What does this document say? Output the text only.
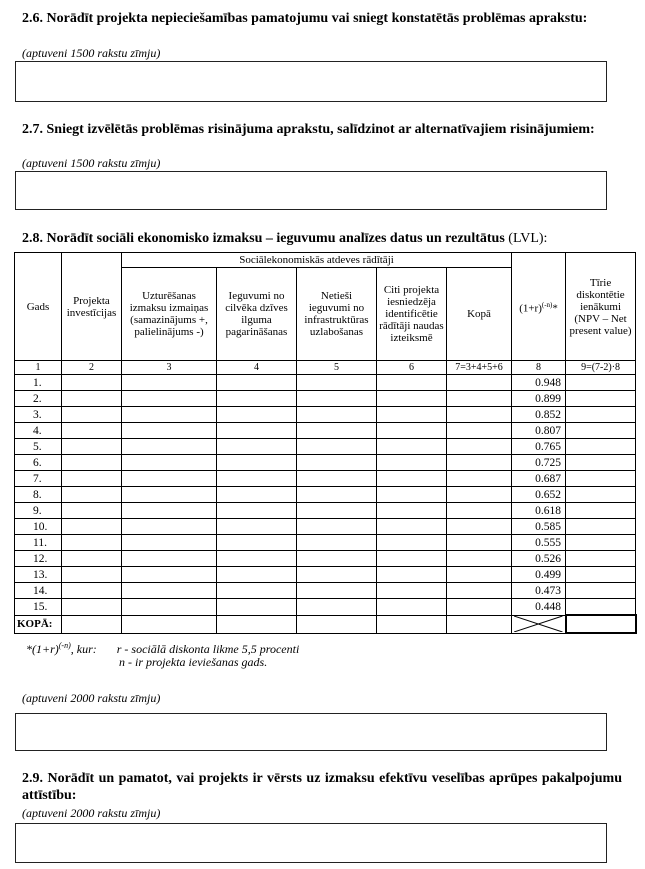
2.6. Norādīt projekta nepieciešamības pamatojumu vai sniegt konstatētās problēmas aprakstu:
(aptuveni 1500 rakstu zīmju)
2.7. Sniegt izvēlētās problēmas risinājuma aprakstu, salīdzinot ar alternatīvajiem risinājumiem:
(aptuveni 1500 rakstu zīmju)
2.8. Norādīt sociāli ekonomisko izmaksu – ieguvumu analīzes datus un rezultātus (LVL):
Gads	Projekta investīcijas	Sociālekonomiskās atdeves rādītāji					$(1+r)^{(-n)}*$	Tīrie diskontētie ienākumi (NPV – Net present value)
		Uzturēšanas izmaksu izmaiņas (samazinājums +, palielinājums -)	Ieguvumi no cilvēka dzīves ilguma pagarināšanas	Netieši ieguvumi no infrastruktūras uzlabošanas	Citi projekta iesniedzēja identificētie rādītāji naudas izteiksmē	Kopā		
1	2	3	4	5	6	7=3+4+5+6	8	9=(7-2)·8
1.							0.948	
2.							0.899	
3.							0.852	
4.							0.807	
5.							0.765	
6.							0.725	
7.							0.687	
8.							0.652	
9.							0.618	
10.							0.585	
11.							0.555	
12.							0.526	
13.							0.499	
14.							0.473	
15.							0.448	
KOPĀ:							

$*(1+r)^{(-n)}$, kur: r - sociālā diskonta likme 5,5 procenti
n - ir projekta ieviešanas gads.
(aptuveni 2000 rakstu zīmju)
2.9. Norādīt un pamatot, vai projekts ir vērsts uz izmaksu efektīvu veselības aprūpes pakalpojumu attīstību:
(aptuveni 2000 rakstu zīmju)
